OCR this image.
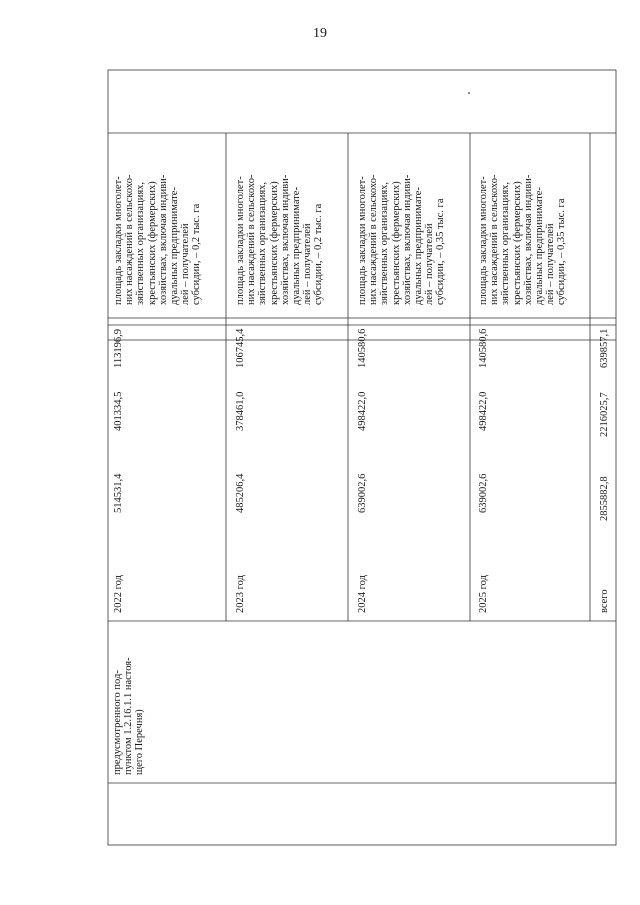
19
предусмотренного под- пунктом 1.2.16.1.1 настоя- щего Перечня)
2022 год
514531,4
401334,5
113196,9
площадь закладки многолет- них насаждений в сельскохо- зяйственных организациях, крестьянских (фермерских) хозяйствах, включая индиви- дуальных предпринимате- лей – получателей субсидии, – 0,2 тыс. га
2023 год
485206,4
378461,0
106745,4
площадь закладки многолет- них насаждений в сельскохо- зяйственных организациях, крестьянских (фермерских) хозяйствах, включая индиви- дуальных предпринимате- лей – получателей субсидии, – 0,2 тыс. га
2024 год
639002,6
498422,0
140580,6
площадь закладки многолет- них насаждений в сельскохо- зяйственных организациях, крестьянских (фермерских) хозяйствах, включая индиви- дуальных предпринимате- лей – получателей субсидии, – 0,35 тыс. га
2025 год
639002,6
498422,0
140580,6
площадь закладки многолет- них насаждений в сельскохо- зяйственных организациях, крестьянских (фермерских) хозяйствах, включая индиви- дуальных предпринимате- лей – получателей субсидии, – 0,35 тыс. га
всего
2855882,8
2216025,7
639857,1
